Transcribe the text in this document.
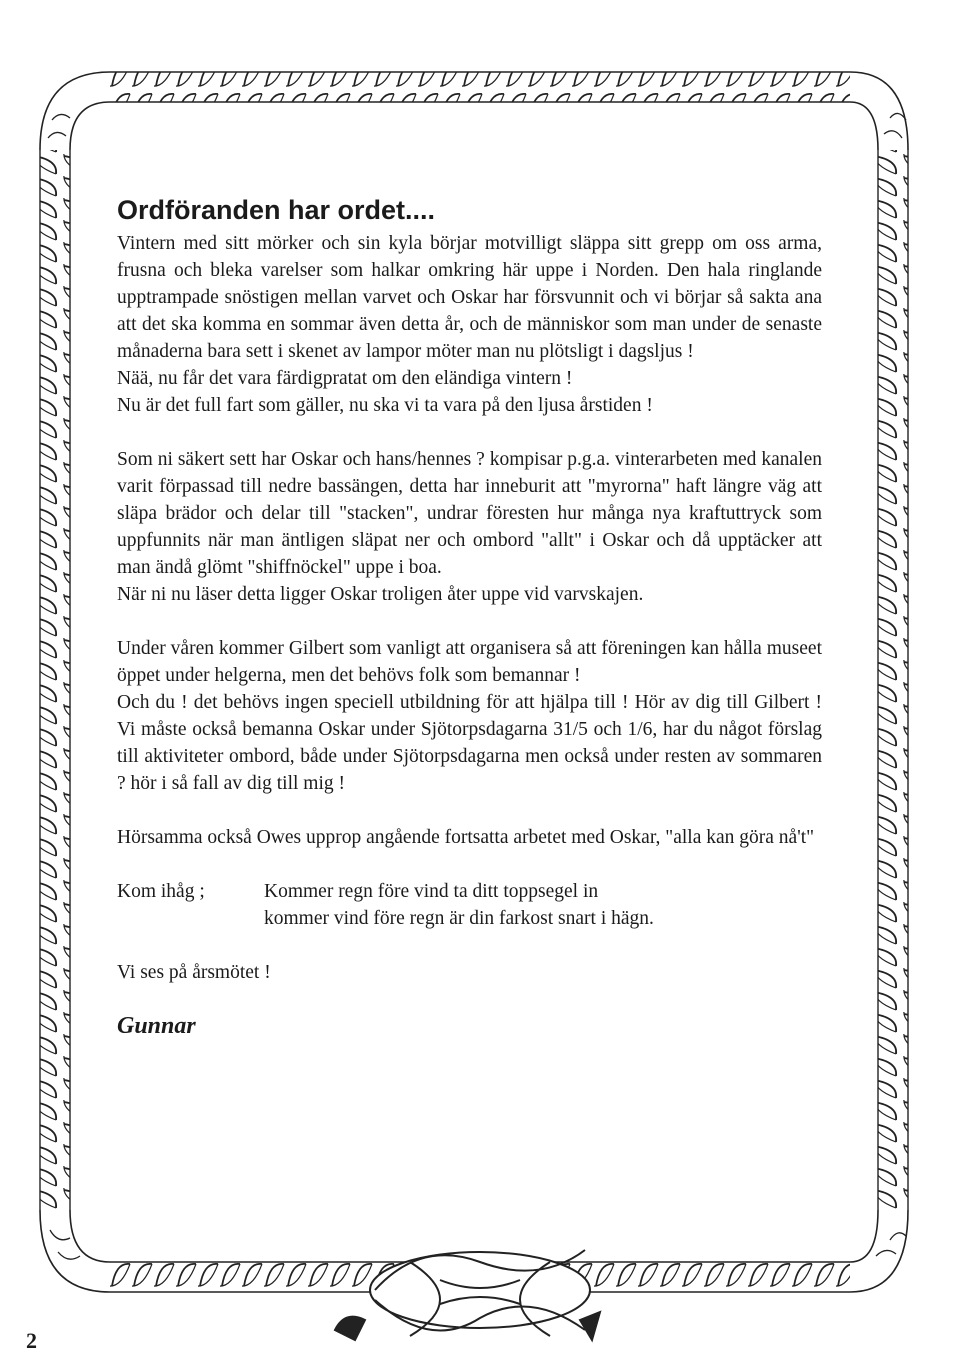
Ordföranden har ordet....

Vintern med sitt mörker och sin kyla börjar motvilligt släppa sitt grepp om oss arma, frusna och bleka varelser som halkar omkring här uppe i Norden. Den hala ringlande upptrampade snöstigen mellan varvet och Oskar har försvunnit och vi börjar så sakta ana att det ska komma en sommar även detta år, och de människor som man under de senaste månaderna bara sett i skenet av lampor möter man nu plötsligt i dagsljus !

Nää, nu får det vara färdigpratat om den eländiga vintern !

Nu är det full fart som gäller, nu ska vi ta vara på den ljusa årstiden !

Som ni säkert sett har Oskar och hans/hennes ? kompisar p.g.a. vinterarbeten med kanalen varit förpassad till nedre bassängen, detta har inneburit att "myrorna" haft längre väg att släpa brädor och delar till "stacken", undrar föresten hur många nya kraftuttryck som uppfunnits när man äntligen släpat ner och ombord "allt" i Oskar och då upptäcker att man ändå glömt "shiffnöckel" uppe i boa.

När ni nu läser detta ligger Oskar troligen åter uppe vid varvskajen.

Under våren kommer Gilbert som vanligt att organisera så att föreningen kan hålla museet öppet under helgerna, men det behövs folk som bemannar !

Och du ! det behövs ingen speciell utbildning för att hjälpa till ! Hör av dig till Gilbert ! Vi måste också bemanna Oskar under Sjötorpsdagarna 31/5 och 1/6, har du något förslag till aktiviteter ombord, både under Sjötorpsdagarna men också under resten av sommaren ? hör i så fall av dig till mig !

Hörsamma också Owes upprop angående fortsatta arbetet med Oskar, "alla kan göra nå't"

Kom ihåg ;	Kommer regn före vind ta ditt toppsegel in
kommer vind före regn är din farkost snart i hägn.

Vi ses på årsmötet !

Gunnar

2
